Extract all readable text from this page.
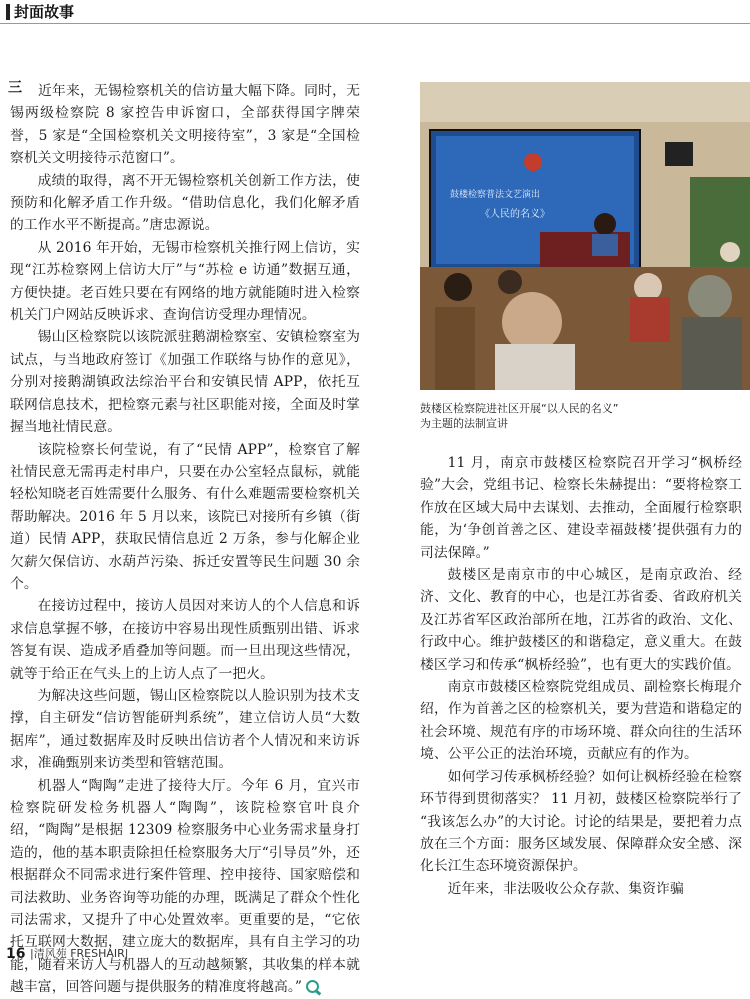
封面故事
三	近年来，无锡检察机关的信访量大幅下降。同时，无锡两级检察院 8 家控告申诉窗口，全部获得国字牌荣誉，5 家是“全国检察机关文明接待室”，3 家是“全国检察机关文明接待示范窗口”。

成绩的取得，离不开无锡检察机关创新工作方法，使预防和化解矛盾工作升级。“借助信息化，我们化解矛盾的工作水平不断提高。”唐忠源说。

从 2016 年开始，无锡市检察机关推行网上信访，实现“江苏检察网上信访大厅”与“苏检 e 访通”数据互通，方便快捷。老百姓只要在有网络的地方就能随时进入检察机关门户网站反映诉求、查询信访受理办理情况。

锡山区检察院以该院派驻鹅湖检察室、安镇检察室为试点，与当地政府签订《加强工作联络与协作的意见》，分别对接鹅湖镇政法综治平台和安镇民情 APP，依托互联网信息技术，把检察元素与社区职能对接，全面及时掌握当地社情民意。

该院检察长何莹说，有了“民情 APP”，检察官了解社情民意无需再走村串户，只要在办公室轻点鼠标，就能轻松知晓老百姓需要什么服务、有什么难题需要检察机关帮助解决。2016 年 5 月以来，该院已对接所有乡镇（街道）民情 APP，获取民情信息近 2 万条，参与化解企业欠薪欠保信访、水葫芦污染、拆迁安置等民生问题 30 余个。

在接访过程中，接访人员因对来访人的个人信息和诉求信息掌握不够，在接访中容易出现性质甄别出错、诉求答复有误、造成矛盾叠加等问题。而一旦出现这些情况，就等于给正在气头上的上访人点了一把火。

为解决这些问题，锡山区检察院以人脸识别为技术支撑，自主研发“信访智能研判系统”，建立信访人员“大数据库”，通过数据库及时反映出信访者个人情况和来访诉求，准确甄别来访类型和管辖范围。

机器人“陶陶”走进了接待大厅。今年 6 月，宜兴市检察院研发检务机器人“陶陶”，该院检察官叶良介绍，“陶陶”是根据 12309 检察服务中心业务需求量身打造的，他的基本职责除担任检察服务大厅“引导员”外，还根据群众不同需求进行案件管理、控申接待、国家赔偿和司法救助、业务咨询等功能的办理，既满足了群众个性化司法需求，又提升了中心处置效率。更重要的是，“它依托互联网大数据，建立庞大的数据库，具有自主学习的功能，随着来访人与机器人的互动越频繁，其收集的样本就越丰富，回答问题与提供服务的精准度将越高。”

鼓楼检察普法文艺演出
《人民的名义》
鼓楼区检察院进社区开展“以人民的名义”
为主题的法制宣讲

11 月，南京市鼓楼区检察院召开学习“枫桥经验”大会，党组书记、检察长朱赫提出：“要将检察工作放在区域大局中去谋划、去推动，全面履行检察职能，为‘争创首善之区、建设幸福鼓楼’提供强有力的司法保障。”

鼓楼区是南京市的中心城区，是南京政治、经济、文化、教育的中心，也是江苏省委、省政府机关及江苏省军区政治部所在地，江苏省的政治、文化、行政中心。维护鼓楼区的和谐稳定，意义重大。在鼓楼区学习和传承“枫桥经验”，也有更大的实践价值。

南京市鼓楼区检察院党组成员、副检察长梅琨介绍，作为首善之区的检察机关，要为营造和谐稳定的社会环境、规范有序的市场环境、群众向往的生活环境、公平公正的法治环境，贡献应有的作为。

如何学习传承枫桥经验？如何让枫桥经验在检察环节得到贯彻落实？ 11 月初，鼓楼区检察院举行了 “我该怎么办”的大讨论。讨论的结果是，要把着力点放在三个方面：服务区域发展、保障群众安全感、深化长江生态环境资源保护。

近年来，非法吸收公众存款、集资诈骗

16 |清风苑 FRESHAIR|
